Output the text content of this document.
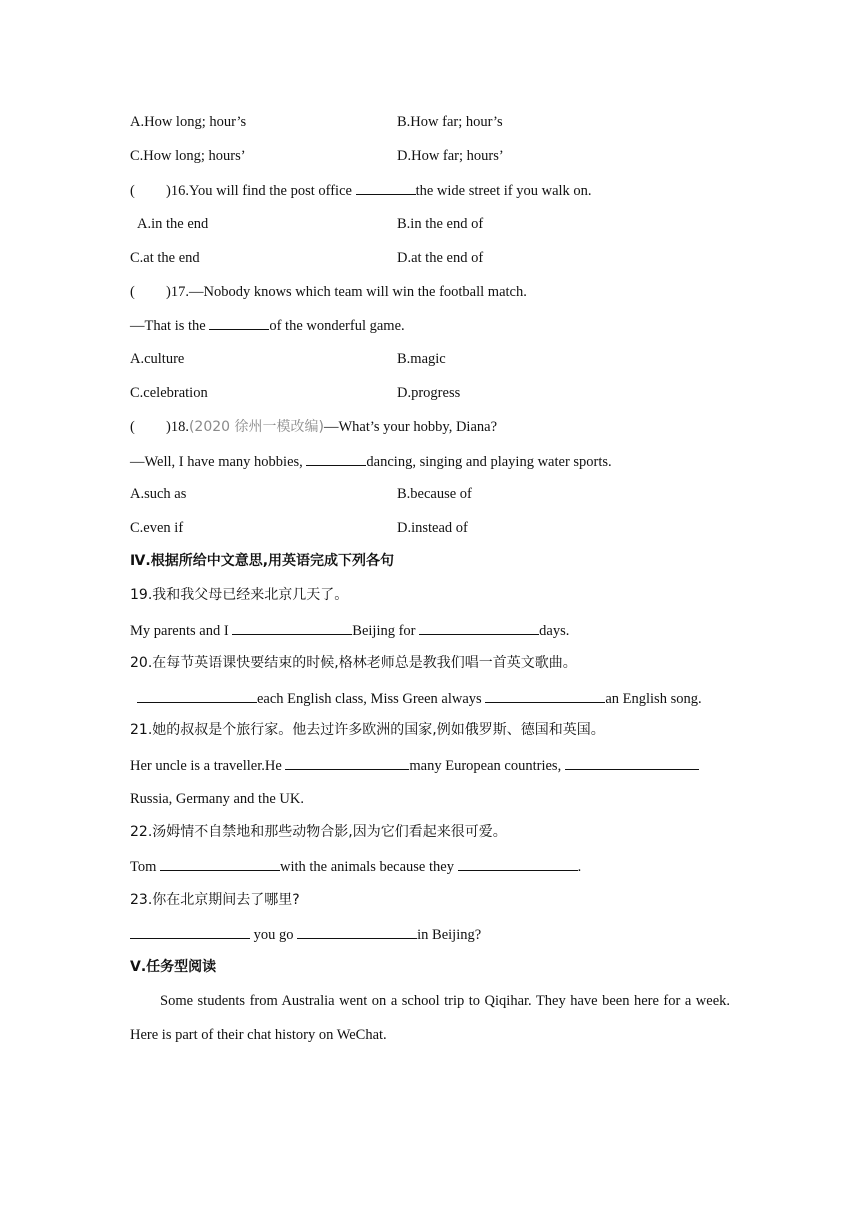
A.How long; hour’s	B.How far; hour’s
C.How long; hours’	D.How far; hours’
( )16.You will find the post office	the wide street if you walk on.
A.in the end	B.in the end of
C.at the end	D.at the end of
( )17.—Nobody knows which team will win the football match.
—That is the	of the wonderful game.
A.culture	B.magic
C.celebration	D.progress
( )18.(2020 徐州一模改编)—What’s your hobby, Diana?
—Well, I have many hobbies,	dancing, singing and playing water sports.
A.such as	B.because of
C.even if	D.instead of
Ⅳ.根据所给中文意思,用英语完成下列各句
19.我和我父母已经来北京几天了。
My parents and I	Beijing for	days.
20.在每节英语课快要结束的时候,格林老师总是教我们唱一首英文歌曲。
each English class, Miss Green always	an English song.
21.她的叔叔是个旅行家。他去过许多欧洲的国家,例如俄罗斯、德国和英国。
Her uncle is a traveller.He	many European countries,
Russia, Germany and the UK.
22.汤姆情不自禁地和那些动物合影,因为它们看起来很可爱。
Tom	with the animals because they	.
23.你在北京期间去了哪里?
you go	in Beijing?
Ⅴ.任务型阅读
Some students from Australia went on a school trip to Qiqihar. They have been here for a week. Here is part of their chat history on WeChat.
